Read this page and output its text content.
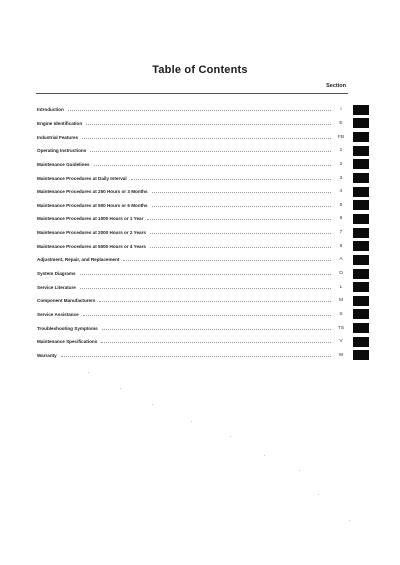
Table of Contents
Section
Introduction	i
Engine Identification	E
Industrial Features	FB
Operating Instructions	1
Maintenance Guidelines	2
Maintenance Procedures at Daily Interval	3
Maintenance Procedures at 250 Hours or 3 Months	4
Maintenance Procedures at 500 Hours or 6 Months	5
Maintenance Procedures at 1000 Hours or 1 Year	6
Maintenance Procedures at 2000 Hours or 2 Years	7
Maintenance Procedures at 5000 Hours or 4 Years	8
Adjustment, Repair, and Replacement	A
System Diagrams	D
Service Literature	L
Component Manufacturers	M
Service Assistance	S
Troubleshooting Symptoms	TS
Maintenance Specifications	V
Warranty	W
